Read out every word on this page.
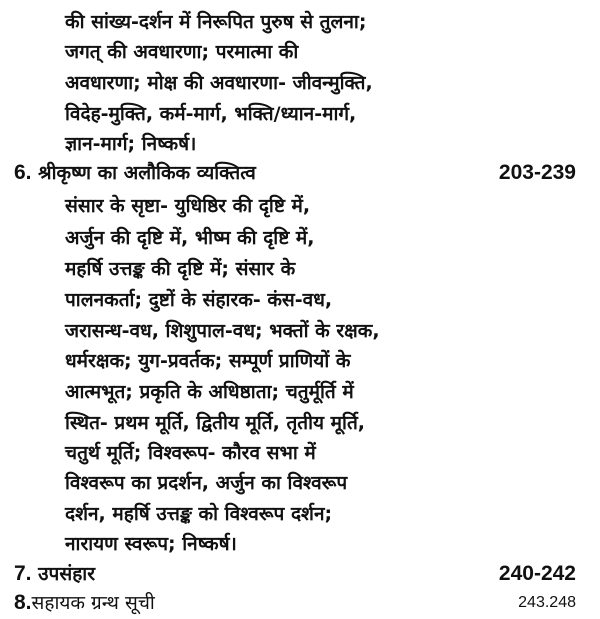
की सांख्य-दर्शन में निरूपित पुरुष से तुलना;
जगत् की अवधारणा; परमात्मा की
अवधारणा; मोक्ष की अवधारणा- जीवन्मुक्ति,
विदेह-मुक्ति, कर्म-मार्ग, भक्ति/ध्यान-मार्ग,
ज्ञान-मार्ग; निष्कर्ष।
6. श्रीकृष्ण का अलौकिक व्यक्तित्व	203-239
संसार के सृष्टा- युधिष्ठिर की दृष्टि में,
अर्जुन की दृष्टि में, भीष्म की दृष्टि में,
महर्षि उत्तङ्क की दृष्टि में; संसार के
पालनकर्ता; दुष्टों के संहारक- कंस-वध,
जरासन्ध-वध, शिशुपाल-वध; भक्तों के रक्षक,
धर्मरक्षक; युग-प्रवर्तक; सम्पूर्ण प्राणियों के
आत्मभूत; प्रकृति के अधिष्ठाता; चतुर्मूर्ति में
स्थित- प्रथम मूर्ति, द्वितीय मूर्ति, तृतीय मूर्ति,
चतुर्थ मूर्ति; विश्वरूप- कौरव सभा में
विश्वरूप का प्रदर्शन, अर्जुन का विश्वरूप
दर्शन, महर्षि उत्तङ्क को विश्वरूप दर्शन;
नारायण स्वरूप; निष्कर्ष।
7. उपसंहार	240-242
8.सहायक ग्रन्थ सूची	243.248
